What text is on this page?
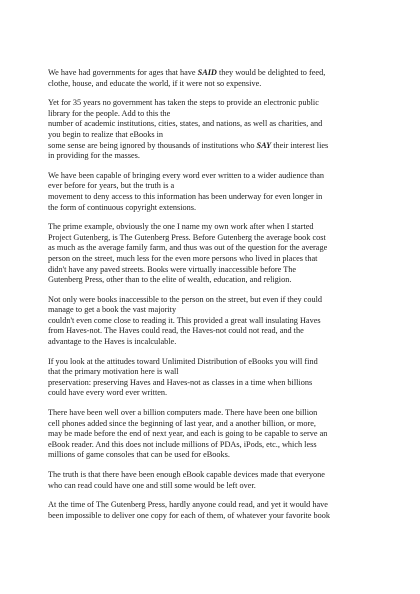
We have had governments for ages that have SAID they would be delighted to feed,
clothe, house, and educate the world, if it were not so expensive.
Yet for 35 years no government has taken the steps to provide an electronic public
library for the people. Add to this the
number of academic institutions, cities, states, and nations, as well as charities, and
you begin to realize that eBooks in
some sense are being ignored by thousands of institutions who SAY their interest lies
in providing for the masses.
We have been capable of bringing every word ever written to a wider audience than
ever before for years, but the truth is a
movement to deny access to this information has been underway for even longer in
the form of continuous copyright extensions.
The prime example, obviously the one I name my own work after when I started
Project Gutenberg, is The Gutenberg Press. Before Gutenberg the average book cost
as much as the average family farm, and thus was out of the question for the average
person on the street, much less for the even more persons who lived in places that
didn't have any paved streets. Books were virtually inaccessible before The
Gutenberg Press, other than to the elite of wealth, education, and religion.
Not only were books inaccessible to the person on the street, but even if they could
manage to get a book the vast majority
couldn't even come close to reading it. This provided a great wall insulating Haves
from Haves-not. The Haves could read, the Haves-not could not read, and the
advantage to the Haves is incalculable.
If you look at the attitudes toward Unlimited Distribution of eBooks you will find
that the primary motivation here is wall
preservation: preserving Haves and Haves-not as classes in a time when billions
could have every word ever written.
There have been well over a billion computers made. There have been one billion
cell phones added since the beginning of last year, and a another billion, or more,
may be made before the end of next year, and each is going to be capable to serve an
eBook reader. And this does not include millions of PDAs, iPods, etc., which less
millions of game consoles that can be used for eBooks.
The truth is that there have been enough eBook capable devices made that everyone
who can read could have one and still some would be left over.
At the time of The Gutenberg Press, hardly anyone could read, and yet it would have
been impossible to deliver one copy for each of them, of whatever your favorite book
